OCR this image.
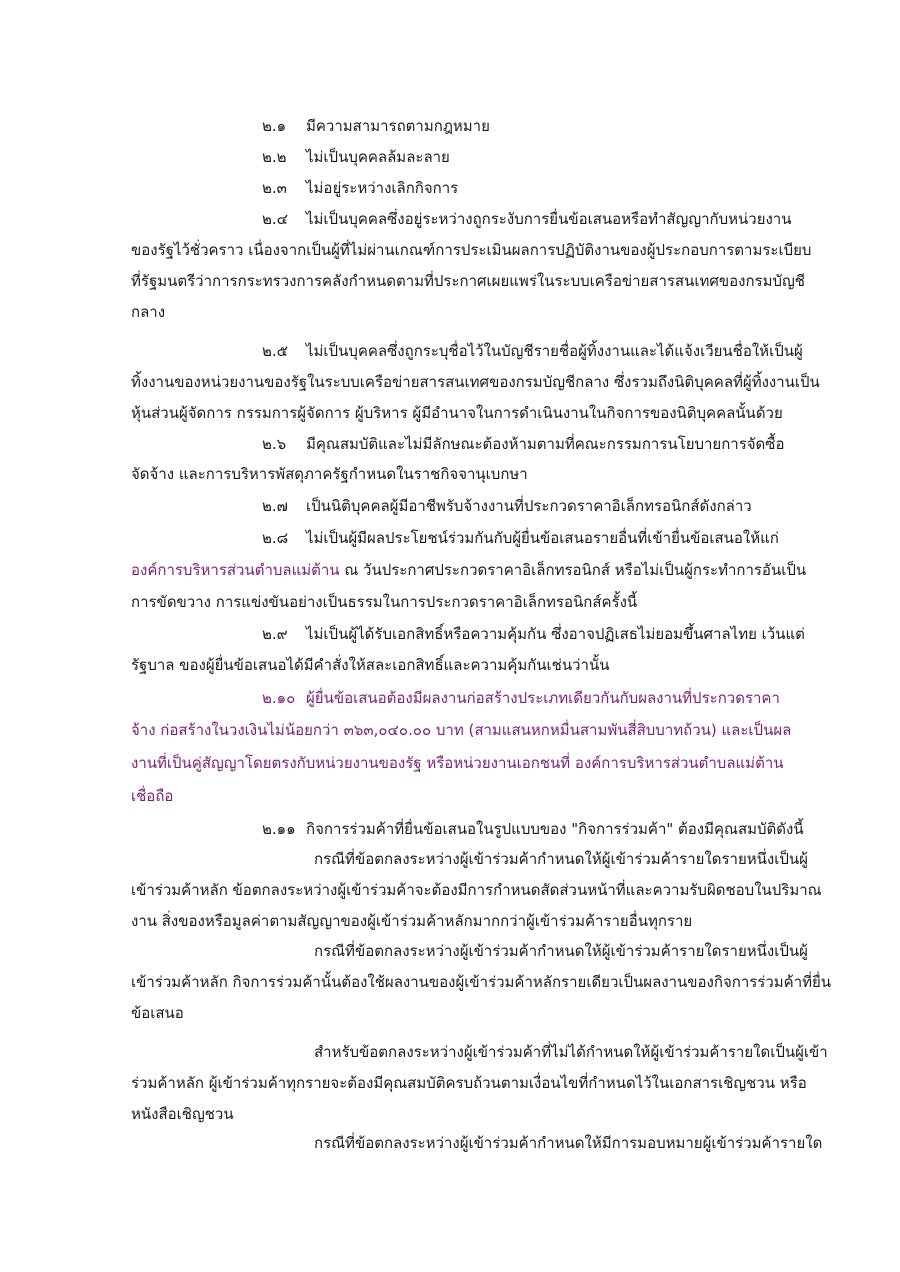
๒.๑ มีความสามารถตามกฎหมาย
๒.๒ ไม่เป็นบุคคลล้มละลาย
๒.๓ ไม่อยู่ระหว่างเลิกกิจการ
๒.๔ ไม่เป็นบุคคลซึ่งอยู่ระหว่างถูกระงับการยื่นข้อเสนอหรือทำสัญญากับหน่วยงาน
ของรัฐไว้ชั่วคราว เนื่องจากเป็นผู้ที่ไม่ผ่านเกณฑ์การประเมินผลการปฏิบัติงานของผู้ประกอบการตามระเบียบ
ที่รัฐมนตรีว่าการกระทรวงการคลังกำหนดตามที่ประกาศเผยแพร่ในระบบเครือข่ายสารสนเทศของกรมบัญชี
กลาง
๒.๕ ไม่เป็นบุคคลซึ่งถูกระบุชื่อไว้ในบัญชีรายชื่อผู้ทิ้งงานและได้แจ้งเวียนชื่อให้เป็นผู้
ทิ้งงานของหน่วยงานของรัฐในระบบเครือข่ายสารสนเทศของกรมบัญชีกลาง ซึ่งรวมถึงนิติบุคคลที่ผู้ทิ้งงานเป็น
หุ้นส่วนผู้จัดการ กรรมการผู้จัดการ ผู้บริหาร ผู้มีอำนาจในการดำเนินงานในกิจการของนิติบุคคลนั้นด้วย
๒.๖ มีคุณสมบัติและไม่มีลักษณะต้องห้ามตามที่คณะกรรมการนโยบายการจัดซื้อ
จัดจ้าง และการบริหารพัสดุภาครัฐกำหนดในราชกิจจานุเบกษา
๒.๗ เป็นนิติบุคคลผู้มีอาชีพรับจ้างงานที่ประกวดราคาอิเล็กทรอนิกส์ดังกล่าว
๒.๘ ไม่เป็นผู้มีผลประโยชน์ร่วมกันกับผู้ยื่นข้อเสนอรายอื่นที่เข้ายื่นข้อเสนอให้แก่
องค์การบริหารส่วนตำบลแม่ต้าน ณ วันประกาศประกวดราคาอิเล็กทรอนิกส์ หรือไม่เป็นผู้กระทำการอันเป็น
การขัดขวาง การแข่งขันอย่างเป็นธรรมในการประกวดราคาอิเล็กทรอนิกส์ครั้งนี้
๒.๙ ไม่เป็นผู้ได้รับเอกสิทธิ์หรือความคุ้มกัน ซึ่งอาจปฏิเสธไม่ยอมขึ้นศาลไทย เว้นแต่
รัฐบาล ของผู้ยื่นข้อเสนอได้มีคำสั่งให้สละเอกสิทธิ์และความคุ้มกันเช่นว่านั้น
๒.๑๐ ผู้ยื่นข้อเสนอต้องมีผลงานก่อสร้างประเภทเดียวกันกับผลงานที่ประกวดราคา
จ้าง ก่อสร้างในวงเงินไม่น้อยกว่า ๓๖๓,๐๔๐.๐๐ บาท (สามแสนหกหมื่นสามพันสี่สิบบาทถ้วน) และเป็นผล
งานที่เป็นคู่สัญญาโดยตรงกับหน่วยงานของรัฐ หรือหน่วยงานเอกชนที่ องค์การบริหารส่วนตำบลแม่ต้าน
เชื่อถือ
๒.๑๑ กิจการร่วมค้าที่ยื่นข้อเสนอในรูปแบบของ "กิจการร่วมค้า" ต้องมีคุณสมบัติดังนี้
กรณีที่ข้อตกลงระหว่างผู้เข้าร่วมค้ากำหนดให้ผู้เข้าร่วมค้ารายใดรายหนึ่งเป็นผู้
เข้าร่วมค้าหลัก ข้อตกลงระหว่างผู้เข้าร่วมค้าจะต้องมีการกำหนดสัดส่วนหน้าที่และความรับผิดชอบในปริมาณ
งาน สิ่งของหรือมูลค่าตามสัญญาของผู้เข้าร่วมค้าหลักมากกว่าผู้เข้าร่วมค้ารายอื่นทุกราย
กรณีที่ข้อตกลงระหว่างผู้เข้าร่วมค้ากำหนดให้ผู้เข้าร่วมค้ารายใดรายหนึ่งเป็นผู้
เข้าร่วมค้าหลัก กิจการร่วมค้านั้นต้องใช้ผลงานของผู้เข้าร่วมค้าหลักรายเดียวเป็นผลงานของกิจการร่วมค้าที่ยื่น
ข้อเสนอ
สำหรับข้อตกลงระหว่างผู้เข้าร่วมค้าที่ไม่ได้กำหนดให้ผู้เข้าร่วมค้ารายใดเป็นผู้เข้า
ร่วมค้าหลัก ผู้เข้าร่วมค้าทุกรายจะต้องมีคุณสมบัติครบถ้วนตามเงื่อนไขที่กำหนดไว้ในเอกสารเชิญชวน หรือ
หนังสือเชิญชวน
กรณีที่ข้อตกลงระหว่างผู้เข้าร่วมค้ากำหนดให้มีการมอบหมายผู้เข้าร่วมค้ารายใด
